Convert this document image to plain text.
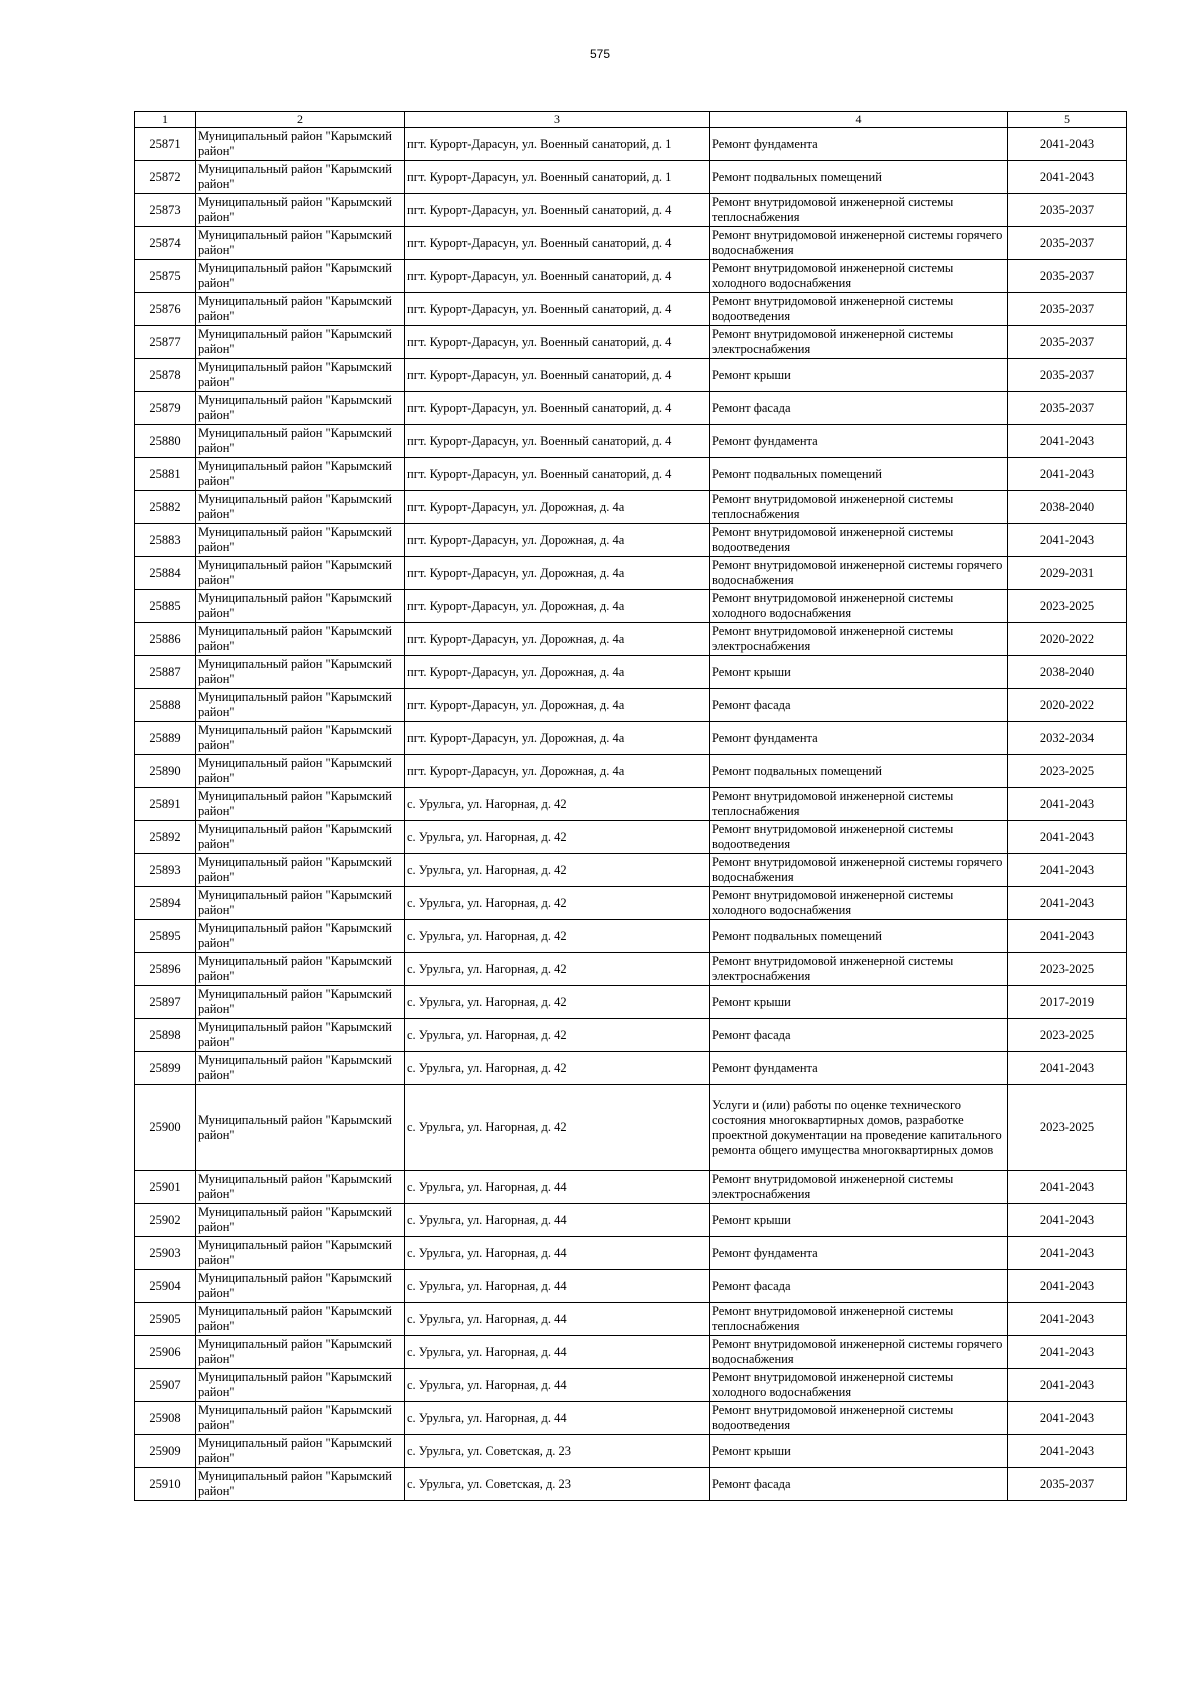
575
1	2	3	4	5
25871	Муниципальный район "Карымский район"	пгт. Курорт-Дарасун, ул. Военный санаторий, д. 1	Ремонт фундамента	2041-2043
25872	Муниципальный район "Карымский район"	пгт. Курорт-Дарасун, ул. Военный санаторий, д. 1	Ремонт подвальных помещений	2041-2043
25873	Муниципальный район "Карымский район"	пгт. Курорт-Дарасун, ул. Военный санаторий, д. 4	Ремонт внутридомовой инженерной системы теплоснабжения	2035-2037
25874	Муниципальный район "Карымский район"	пгт. Курорт-Дарасун, ул. Военный санаторий, д. 4	Ремонт внутридомовой инженерной системы горячего водоснабжения	2035-2037
25875	Муниципальный район "Карымский район"	пгт. Курорт-Дарасун, ул. Военный санаторий, д. 4	Ремонт внутридомовой инженерной системы холодного водоснабжения	2035-2037
25876	Муниципальный район "Карымский район"	пгт. Курорт-Дарасун, ул. Военный санаторий, д. 4	Ремонт внутридомовой инженерной системы водоотведения	2035-2037
25877	Муниципальный район "Карымский район"	пгт. Курорт-Дарасун, ул. Военный санаторий, д. 4	Ремонт внутридомовой инженерной системы электроснабжения	2035-2037
25878	Муниципальный район "Карымский район"	пгт. Курорт-Дарасун, ул. Военный санаторий, д. 4	Ремонт крыши	2035-2037
25879	Муниципальный район "Карымский район"	пгт. Курорт-Дарасун, ул. Военный санаторий, д. 4	Ремонт фасада	2035-2037
25880	Муниципальный район "Карымский район"	пгт. Курорт-Дарасун, ул. Военный санаторий, д. 4	Ремонт фундамента	2041-2043
25881	Муниципальный район "Карымский район"	пгт. Курорт-Дарасун, ул. Военный санаторий, д. 4	Ремонт подвальных помещений	2041-2043
25882	Муниципальный район "Карымский район"	пгт. Курорт-Дарасун, ул. Дорожная, д. 4а	Ремонт внутридомовой инженерной системы теплоснабжения	2038-2040
25883	Муниципальный район "Карымский район"	пгт. Курорт-Дарасун, ул. Дорожная, д. 4а	Ремонт внутридомовой инженерной системы водоотведения	2041-2043
25884	Муниципальный район "Карымский район"	пгт. Курорт-Дарасун, ул. Дорожная, д. 4а	Ремонт внутридомовой инженерной системы горячего водоснабжения	2029-2031
25885	Муниципальный район "Карымский район"	пгт. Курорт-Дарасун, ул. Дорожная, д. 4а	Ремонт внутридомовой инженерной системы холодного водоснабжения	2023-2025
25886	Муниципальный район "Карымский район"	пгт. Курорт-Дарасун, ул. Дорожная, д. 4а	Ремонт внутридомовой инженерной системы электроснабжения	2020-2022
25887	Муниципальный район "Карымский район"	пгт. Курорт-Дарасун, ул. Дорожная, д. 4а	Ремонт крыши	2038-2040
25888	Муниципальный район "Карымский район"	пгт. Курорт-Дарасун, ул. Дорожная, д. 4а	Ремонт фасада	2020-2022
25889	Муниципальный район "Карымский район"	пгт. Курорт-Дарасун, ул. Дорожная, д. 4а	Ремонт фундамента	2032-2034
25890	Муниципальный район "Карымский район"	пгт. Курорт-Дарасун, ул. Дорожная, д. 4а	Ремонт подвальных помещений	2023-2025
25891	Муниципальный район "Карымский район"	с. Урульга, ул. Нагорная, д. 42	Ремонт внутридомовой инженерной системы теплоснабжения	2041-2043
25892	Муниципальный район "Карымский район"	с. Урульга, ул. Нагорная, д. 42	Ремонт внутридомовой инженерной системы водоотведения	2041-2043
25893	Муниципальный район "Карымский район"	с. Урульга, ул. Нагорная, д. 42	Ремонт внутридомовой инженерной системы горячего водоснабжения	2041-2043
25894	Муниципальный район "Карымский район"	с. Урульга, ул. Нагорная, д. 42	Ремонт внутридомовой инженерной системы холодного водоснабжения	2041-2043
25895	Муниципальный район "Карымский район"	с. Урульга, ул. Нагорная, д. 42	Ремонт подвальных помещений	2041-2043
25896	Муниципальный район "Карымский район"	с. Урульга, ул. Нагорная, д. 42	Ремонт внутридомовой инженерной системы электроснабжения	2023-2025
25897	Муниципальный район "Карымский район"	с. Урульга, ул. Нагорная, д. 42	Ремонт крыши	2017-2019
25898	Муниципальный район "Карымский район"	с. Урульга, ул. Нагорная, д. 42	Ремонт фасада	2023-2025
25899	Муниципальный район "Карымский район"	с. Урульга, ул. Нагорная, д. 42	Ремонт фундамента	2041-2043
25900	Муниципальный район "Карымский район"	с. Урульга, ул. Нагорная, д. 42	Услуги и (или) работы по оценке технического состояния многоквартирных домов, разработке проектной документации на проведение капитального ремонта общего имущества многоквартирных домов	2023-2025
25901	Муниципальный район "Карымский район"	с. Урульга, ул. Нагорная, д. 44	Ремонт внутридомовой инженерной системы электроснабжения	2041-2043
25902	Муниципальный район "Карымский район"	с. Урульга, ул. Нагорная, д. 44	Ремонт крыши	2041-2043
25903	Муниципальный район "Карымский район"	с. Урульга, ул. Нагорная, д. 44	Ремонт фундамента	2041-2043
25904	Муниципальный район "Карымский район"	с. Урульга, ул. Нагорная, д. 44	Ремонт фасада	2041-2043
25905	Муниципальный район "Карымский район"	с. Урульга, ул. Нагорная, д. 44	Ремонт внутридомовой инженерной системы теплоснабжения	2041-2043
25906	Муниципальный район "Карымский район"	с. Урульга, ул. Нагорная, д. 44	Ремонт внутридомовой инженерной системы горячего водоснабжения	2041-2043
25907	Муниципальный район "Карымский район"	с. Урульга, ул. Нагорная, д. 44	Ремонт внутридомовой инженерной системы холодного водоснабжения	2041-2043
25908	Муниципальный район "Карымский район"	с. Урульга, ул. Нагорная, д. 44	Ремонт внутридомовой инженерной системы водоотведения	2041-2043
25909	Муниципальный район "Карымский район"	с. Урульга, ул. Советская, д. 23	Ремонт крыши	2041-2043
25910	Муниципальный район "Карымский район"	с. Урульга, ул. Советская, д. 23	Ремонт фасада	2035-2037
